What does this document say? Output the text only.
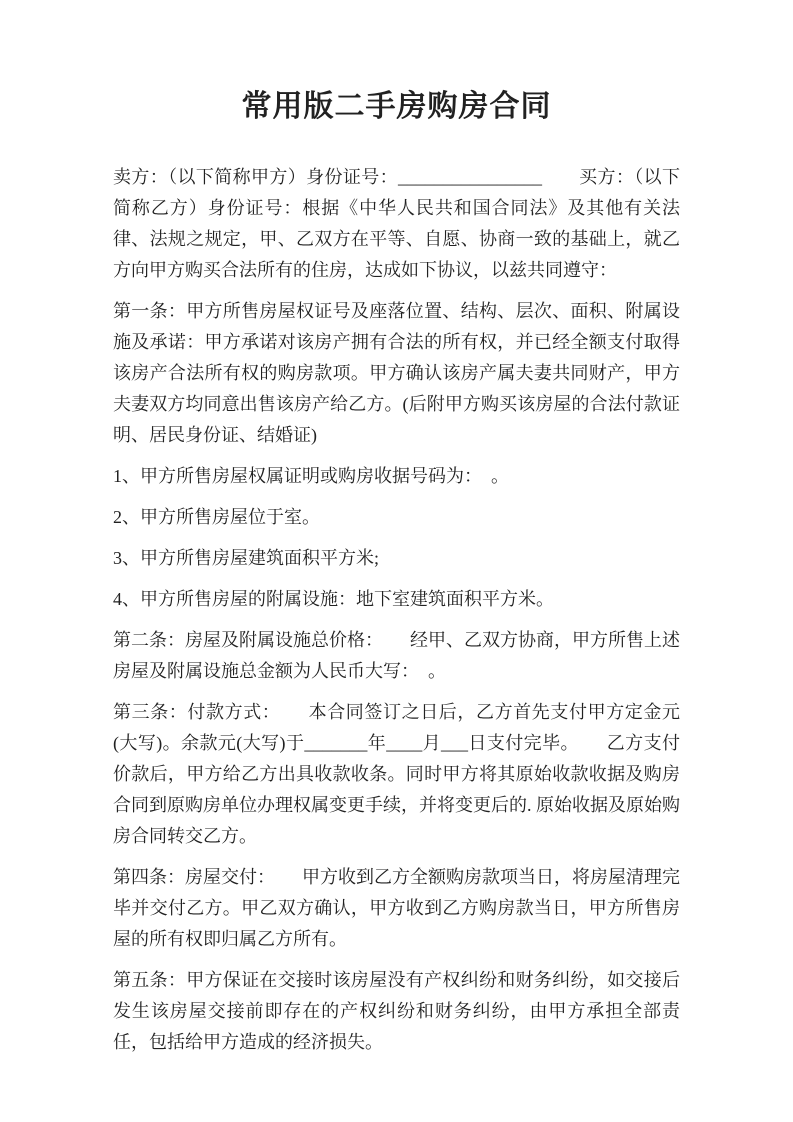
常用版二手房购房合同

卖方：（以下简称甲方）身份证号：________________　　买方：（以下简称乙方）身份证号：根据《中华人民共和国合同法》及其他有关法律、法规之规定，甲、乙双方在平等、自愿、协商一致的基础上，就乙方向甲方购买合法所有的住房，达成如下协议，以兹共同遵守：

第一条：甲方所售房屋权证号及座落位置、结构、层次、面积、附属设施及承诺：甲方承诺对该房产拥有合法的所有权，并已经全额支付取得该房产合法所有权的购房款项。甲方确认该房产属夫妻共同财产，甲方夫妻双方均同意出售该房产给乙方。(后附甲方购买该房屋的合法付款证明、居民身份证、结婚证)

1、甲方所售房屋权属证明或购房收据号码为：　。

2、甲方所售房屋位于室。

3、甲方所售房屋建筑面积平方米;

4、甲方所售房屋的附属设施：地下室建筑面积平方米。

第二条：房屋及附属设施总价格：　　经甲、乙双方协商，甲方所售上述房屋及附属设施总金额为人民币大写：　。

第三条：付款方式：　　本合同签订之日后，乙方首先支付甲方定金元(大写)。余款元(大写)于_______年____月___日支付完毕。　　乙方支付价款后，甲方给乙方出具收款收条。同时甲方将其原始收款收据及购房合同到原购房单位办理权属变更手续，并将变更后的. 原始收据及原始购房合同转交乙方。

第四条：房屋交付：　　甲方收到乙方全额购房款项当日，将房屋清理完毕并交付乙方。甲乙双方确认，甲方收到乙方购房款当日，甲方所售房屋的所有权即归属乙方所有。

第五条：甲方保证在交接时该房屋没有产权纠纷和财务纠纷，如交接后发生该房屋交接前即存在的产权纠纷和财务纠纷，由甲方承担全部责任，包括给甲方造成的经济损失。
